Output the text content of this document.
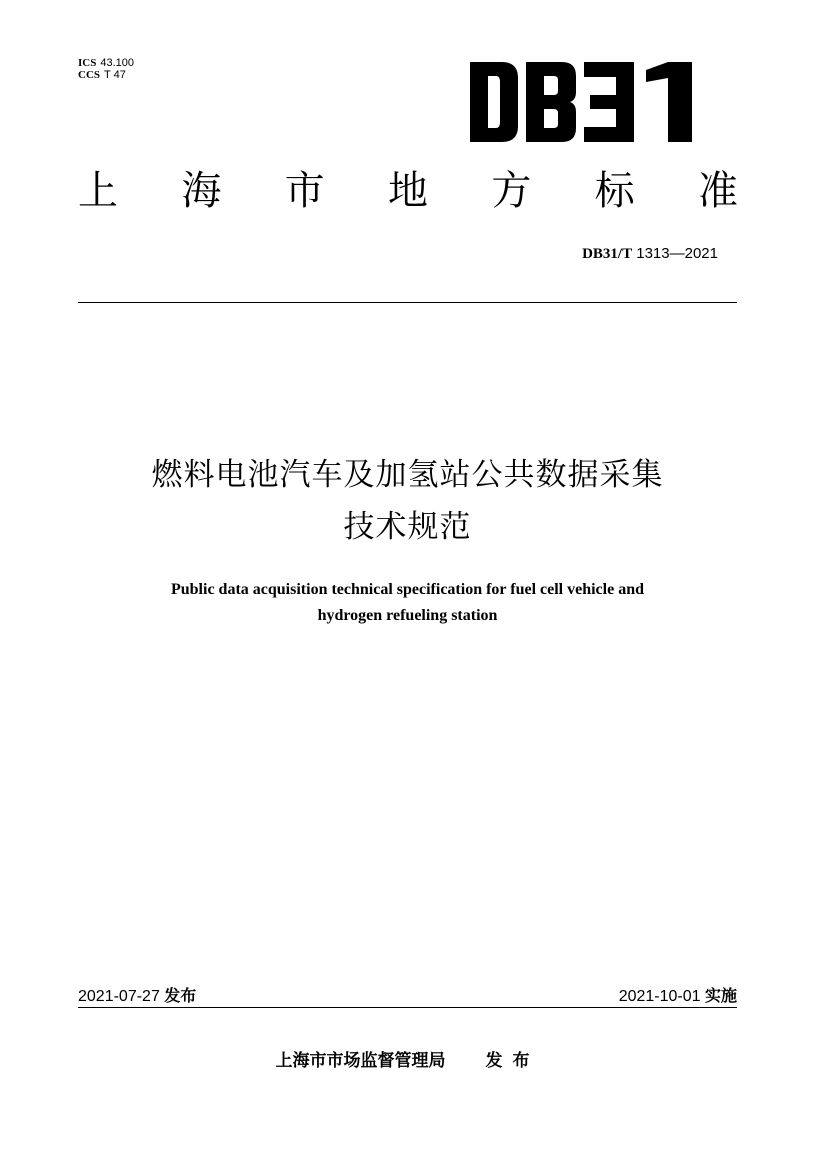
ICS 43.100
CCS T 47
上 海 市 地 方 标 准
DB31/T 1313—2021
燃料电池汽车及加氢站公共数据采集
技术规范
Public data acquisition technical specification for fuel cell vehicle and
hydrogen refueling station
2021-07-27 发布	2021-10-01 实施
上海市市场监督管理局 发布
